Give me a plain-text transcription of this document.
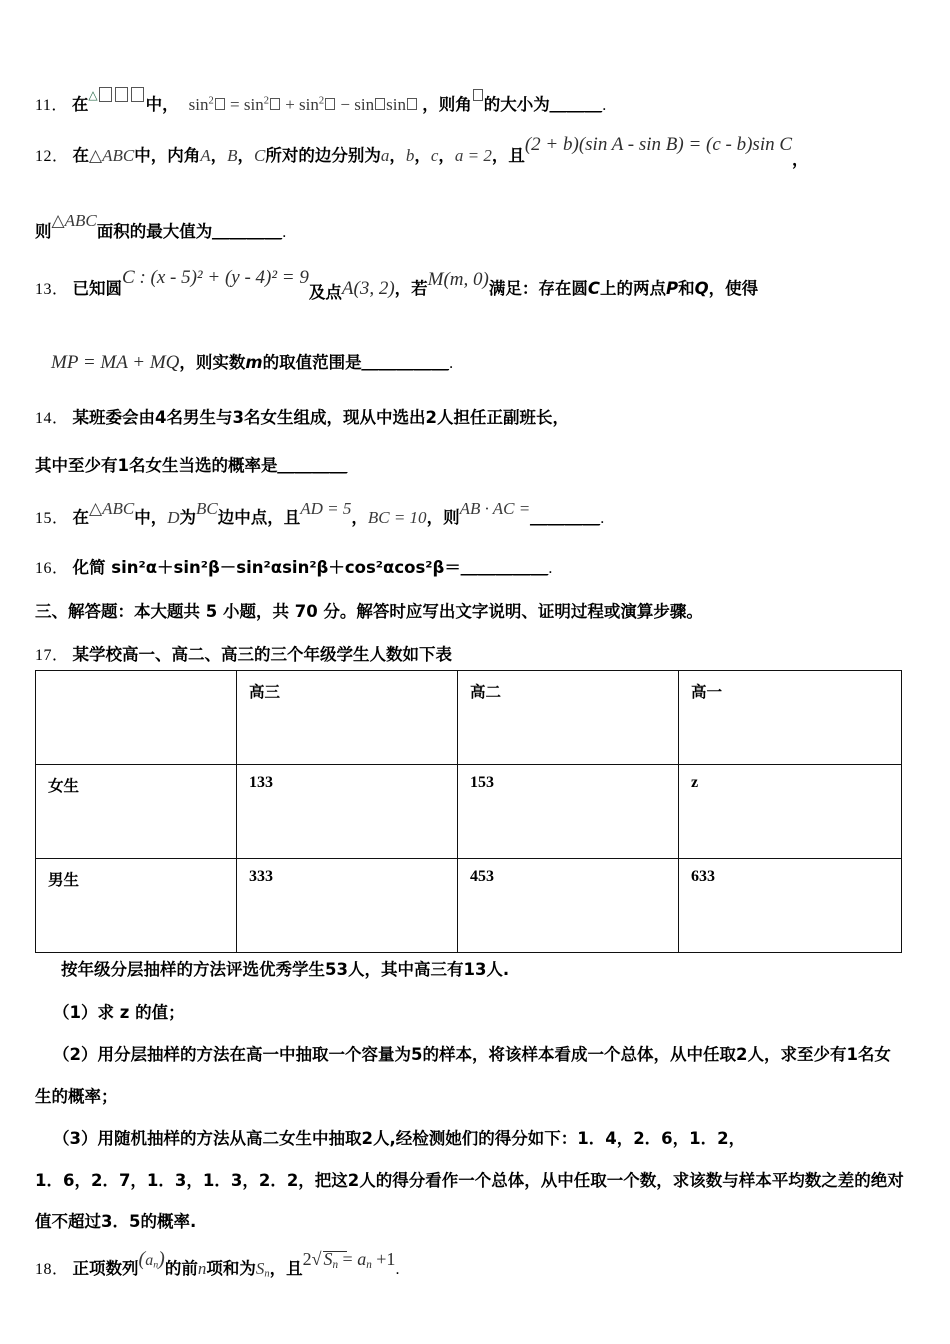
11． 在△	中， $\sin^2 = \sin^2 + \sin^2 - \sin \sin$ ，则角 的大小为＿＿＿.
12． 在△ABC中，内角A，B，C所对的边分别为a，b，c，a = 2，且(2 + b)(sin A - sin B) = (c - b)sin C，
则△ABC面积的最大值为＿＿＿＿.
13． 已知圆C : (x - 5)² + (y - 4)² = 9及点A(3, 2)，若M(m, 0)满足：存在圆C上的两点P和Q，使得
MP = MA + MQ，则实数m的取值范围是＿＿＿＿＿.
14． 某班委会由4名男生与3名女生组成，现从中选出2人担任正副班长，
其中至少有1名女生当选的概率是＿＿＿＿
15． 在△ABC中，D为BC边中点，且AD = 5，BC = 10，则AB · AC =＿＿＿＿.
16． 化简 sin²α＋sin²β－sin²αsin²β＋cos²αcos²β＝＿＿＿＿＿.
三、解答题：本大题共 5 小题，共 70 分。解答时应写出文字说明、证明过程或演算步骤。
17． 某学校高一、高二、高三的三个年级学生人数如下表
	高三	高二	高一
女生	133	153	z
男生	333	453	633
按年级分层抽样的方法评选优秀学生53人，其中高三有13人.
（1）求 z 的值；
（2）用分层抽样的方法在高一中抽取一个容量为5的样本，将该样本看成一个总体，从中任取2人，求至少有1名女
生的概率；
（3）用随机抽样的方法从高二女生中抽取2人,经检测她们的得分如下：1．4，2．6，1．2，
1．6，2．7，1．3，1．3，2．2，把这2人的得分看作一个总体，从中任取一个数，求该数与样本平均数之差的绝对
值不超过3．5的概率.
18． 正项数列$(a_n)$的前n项和为$S_n$，且2√ $S_n = a_n +1$.
